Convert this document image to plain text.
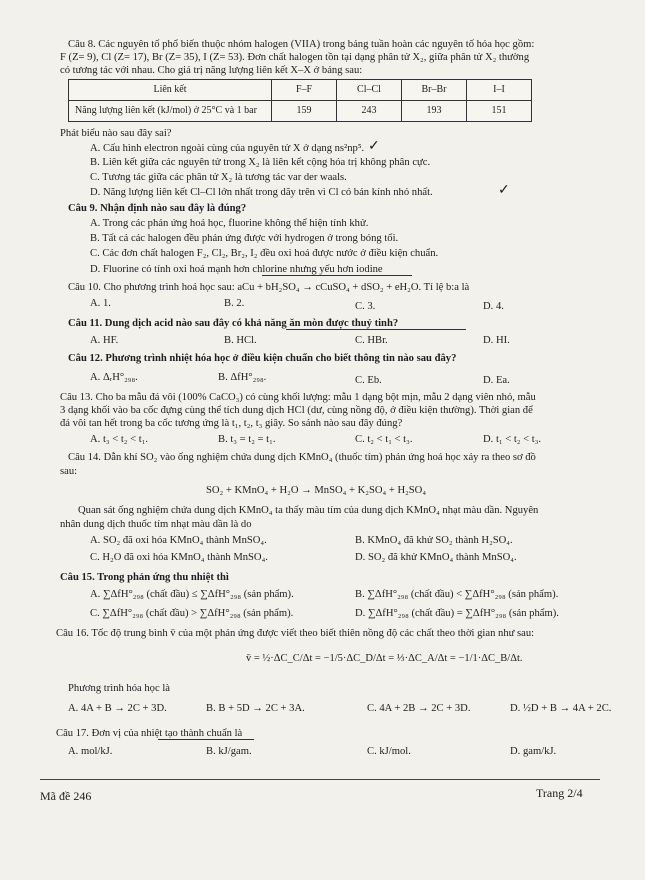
Câu 8. Các nguyên tố phổ biến thuộc nhóm halogen (VIIA) trong bảng tuần hoàn các nguyên tố hóa học gồm:
F (Z= 9), Cl (Z= 17), Br (Z= 35), I (Z= 53). Đơn chất halogen tồn tại dạng phân tử X₂, giữa phân tử X₂ thường
có tương tác với nhau. Cho giá trị năng lượng liên kết X–X ở bảng sau:
Liên kết	F–F	Cl–Cl	Br–Br	I–I
Năng lượng liên kết (kJ/mol) ở 25°C và 1 bar	159	243	193	151
Phát biểu nào sau đây sai?
A. Cấu hình electron ngoài cùng của nguyên tử X ở dạng ns²np⁵. ✓
B. Liên kết giữa các nguyên tử trong X₂ là liên kết cộng hóa trị không phân cực.
C. Tương tác giữa các phân tử X₂ là tương tác var der waals.
D. Năng lượng liên kết Cl–Cl lớn nhất trong dãy trên vì Cl có bán kính nhỏ nhất.	✓
Câu 9. Nhận định nào sau đây là đúng?
A. Trong các phản ứng hoá học, fluorine không thể hiện tính khử.
B. Tất cả các halogen đều phản ứng được với hydrogen ở trong bóng tối.
C. Các đơn chất halogen F₂, Cl₂, Br₂, I₂ đều oxi hoá được nước ở điều kiện chuẩn.
D. Fluorine có tính oxi hoá mạnh hơn chlorine nhưng yếu hơn iodine
Câu 10. Cho phương trình hoá học sau: aCu + bH₂SO₄ → cCuSO₄ + dSO₂ + eH₂O. Tỉ lệ b:a là
A. 1.	B. 2.	C. 3.	D. 4.
Câu 11. Dung dịch acid nào sau đây có khả năng ăn mòn được thuỷ tinh?
A. HF.	B. HCl.	C. HBr.	D. HI.
Câu 12. Phương trình nhiệt hóa học ở điều kiện chuẩn cho biết thông tin nào sau đây?
A. ΔᵣH°₂₉₈.	B. ΔfH°₂₉₈.	C. Eb.	D. Ea.
Câu 13. Cho ba mẫu đá vôi (100% CaCO₃) có cùng khối lượng: mẫu 1 dạng bột mịn, mẫu 2 dạng viên nhỏ, mẫu
3 dạng khối vào ba cốc đựng cùng thể tích dung dịch HCl (dư, cùng nồng độ, ở điều kiện thường). Thời gian để
đá vôi tan hết trong ba cốc tương ứng là t₁, t₂, t₃ giây. So sánh nào sau đây đúng?
A. t₃ < t₂ < t₁.	B. t₃ = t₂ = t₁.	C. t₂ < t₁ < t₃.	D. t₁ < t₂ < t₃.
Câu 14. Dẫn khí SO₂ vào ống nghiệm chứa dung dịch KMnO₄ (thuốc tím) phản ứng hoá học xảy ra theo sơ đồ
sau:
SO₂ + KMnO₄ + H₂O → MnSO₄ + K₂SO₄ + H₂SO₄
Quan sát ống nghiệm chứa dung dịch KMnO₄ ta thấy màu tím của dung dịch KMnO₄ nhạt màu dần. Nguyên
nhân dung dịch thuốc tím nhạt màu dần là do
A. SO₂ đã oxi hóa KMnO₄ thành MnSO₄.	B. KMnO₄ đã khử SO₂ thành H₂SO₄.
C. H₂O đã oxi hóa KMnO₄ thành MnSO₄.	D. SO₂ đã khử KMnO₄ thành MnSO₄.
Câu 15. Trong phản ứng thu nhiệt thì
A. ∑ΔfH°₂₉₈ (chất đầu) ≤ ∑ΔfH°₂₉₈ (sản phẩm).	B. ∑ΔfH°₂₉₈ (chất đầu) < ∑ΔfH°₂₉₈ (sản phẩm).
C. ∑ΔfH°₂₉₈ (chất đầu) > ∑ΔfH°₂₉₈ (sản phẩm).	D. ∑ΔfH°₂₉₈ (chất đầu) = ∑ΔfH°₂₉₈ (sản phẩm).
Câu 16. Tốc độ trung bình v̄ của một phản ứng được viết theo biết thiên nồng độ các chất theo thời gian như sau:
v̄ = ½·ΔC_C/Δt = −1/5·ΔC_D/Δt = ⅓·ΔC_A/Δt = −1/1·ΔC_B/Δt.
Phương trình hóa học là
A. 4A + B → 2C + 3D.	B. B + 5D → 2C + 3A.	C. 4A + 2B → 2C + 3D.	D. ½D + B → 4A + 2C.
Câu 17. Đơn vị của nhiệt tạo thành chuẩn là
A. mol/kJ.	B. kJ/gam.	C. kJ/mol.	D. gam/kJ.
Mã đề 246	Trang 2/4
